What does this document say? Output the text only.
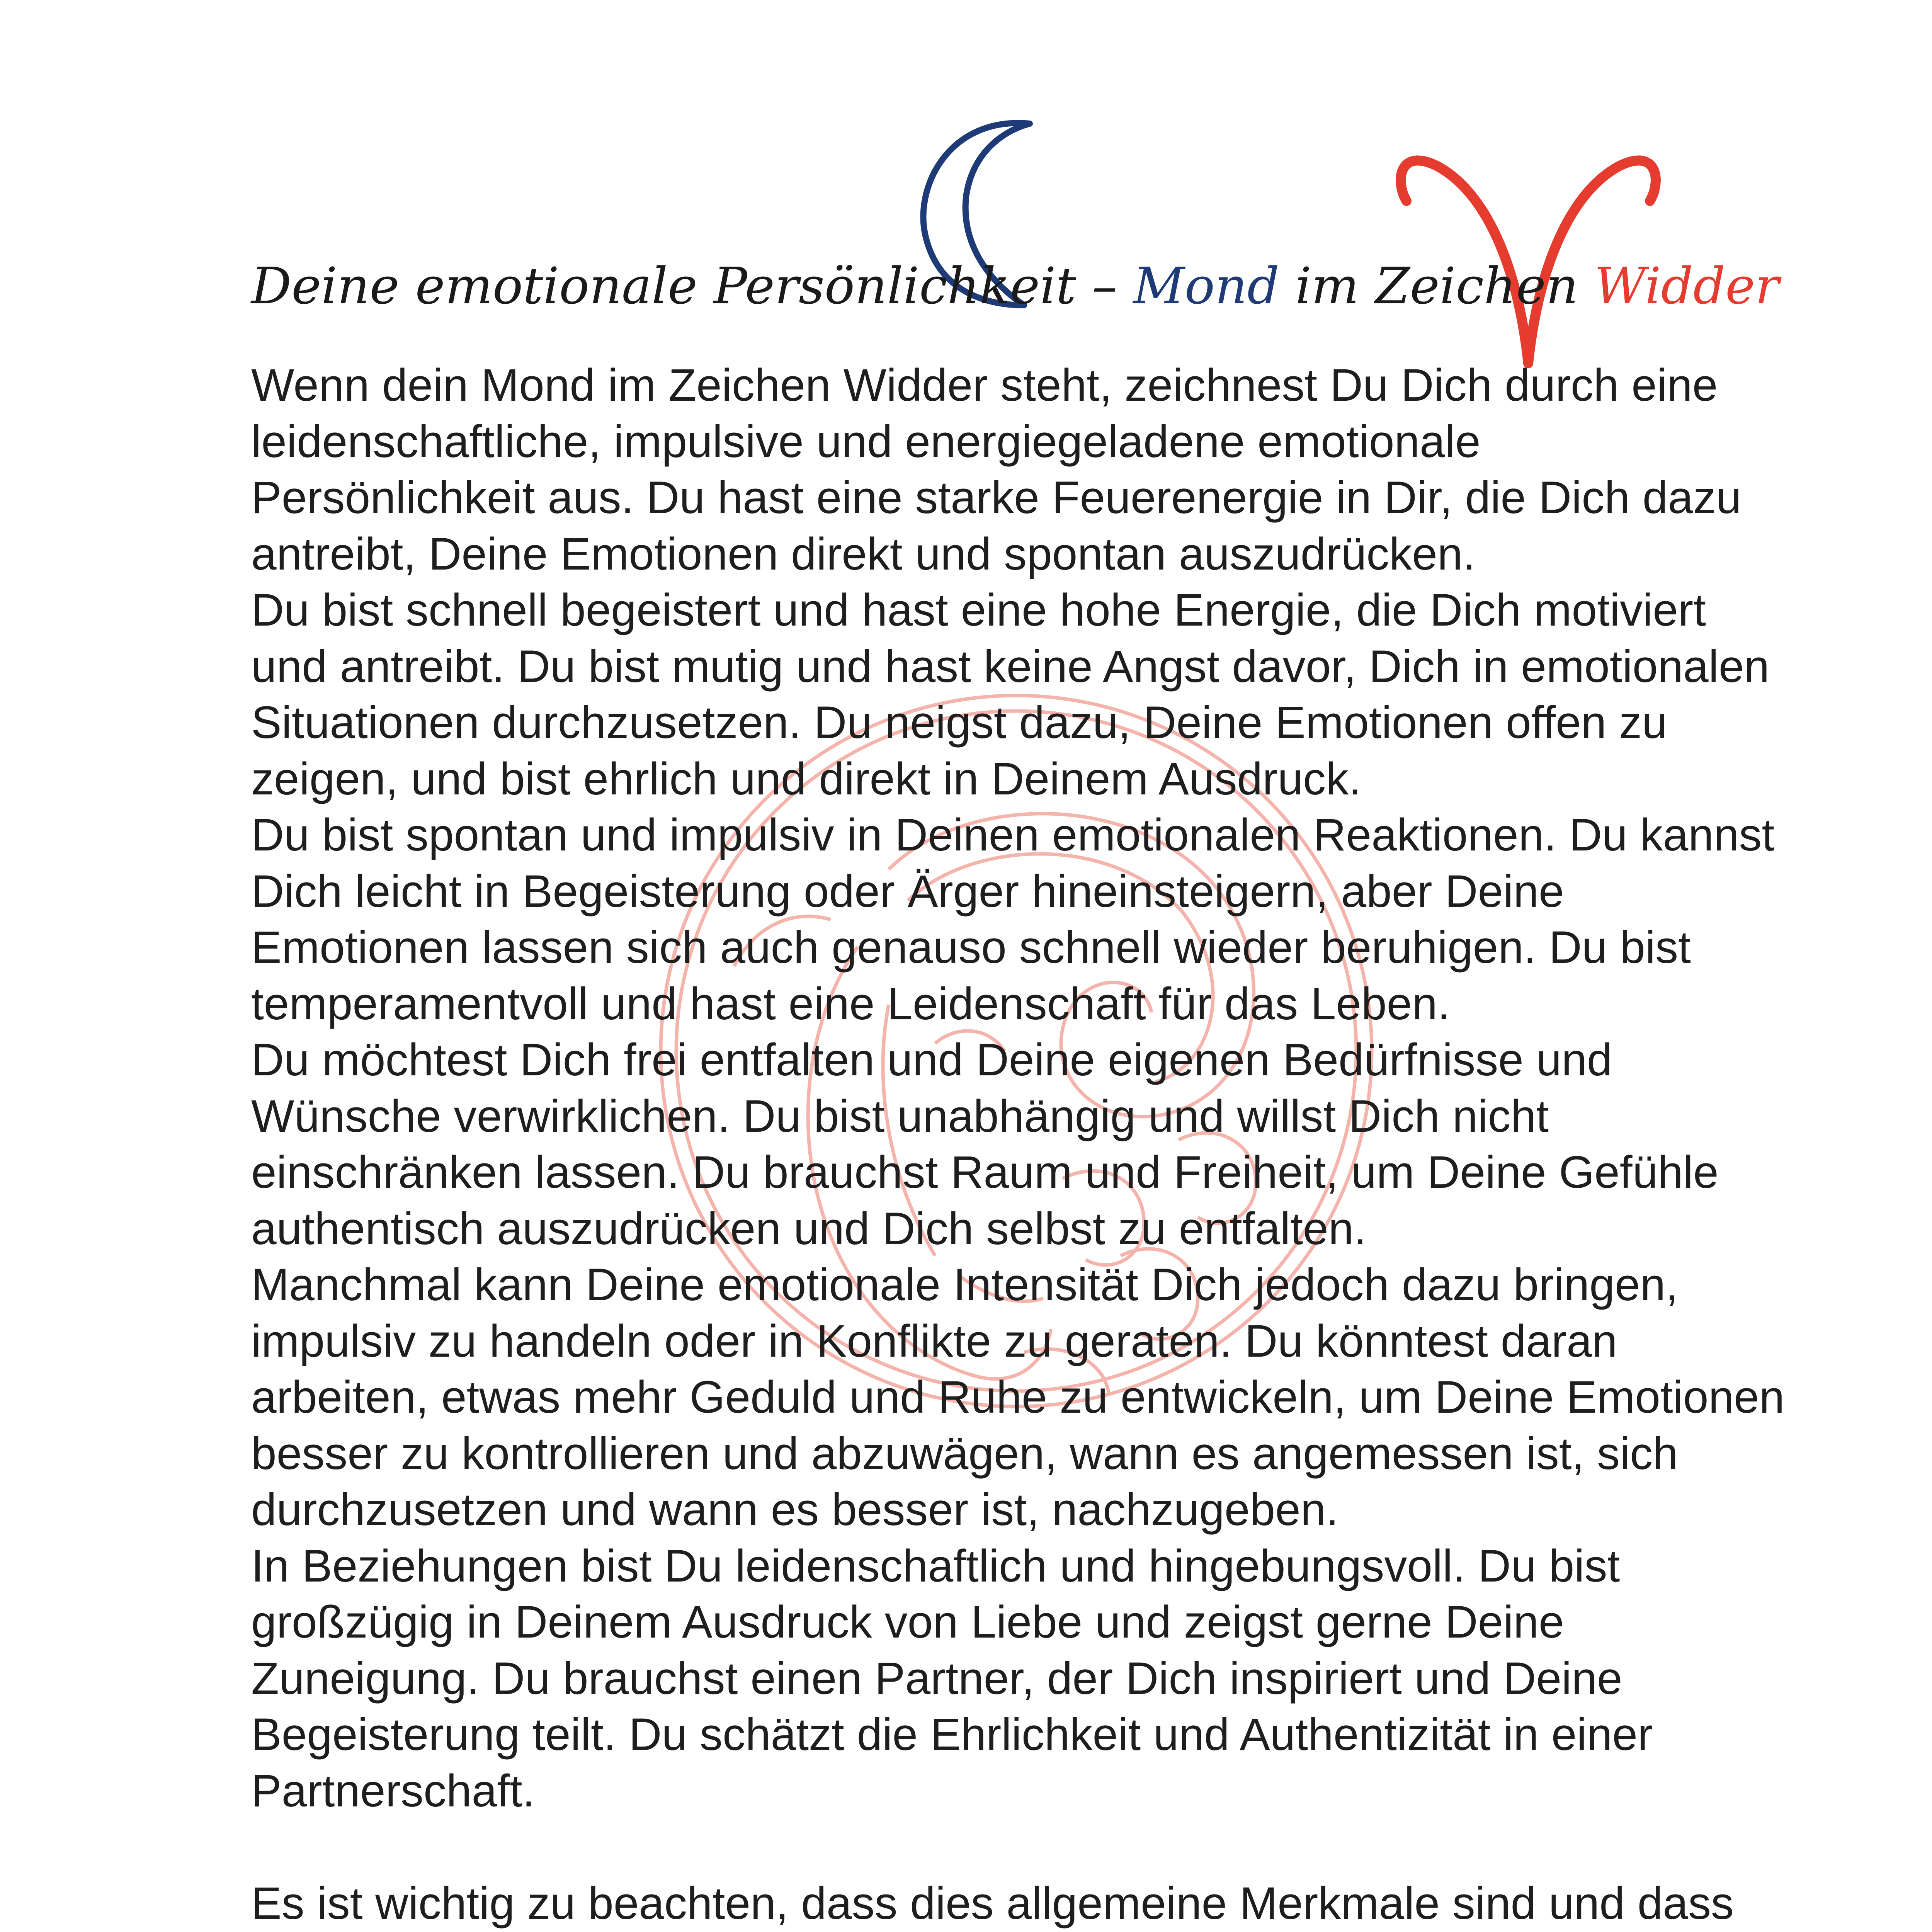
Deine emotionale Persönlichkeit – Mond im Zeichen Widder

Wenn dein Mond im Zeichen Widder steht, zeichnest Du Dich durch eine

leidenschaftliche, impulsive und energiegeladene emotionale

Persönlichkeit aus. Du hast eine starke Feuerenergie in Dir, die Dich dazu

antreibt, Deine Emotionen direkt und spontan auszudrücken.

Du bist schnell begeistert und hast eine hohe Energie, die Dich motiviert

und antreibt. Du bist mutig und hast keine Angst davor, Dich in emotionalen

Situationen durchzusetzen. Du neigst dazu, Deine Emotionen offen zu

zeigen, und bist ehrlich und direkt in Deinem Ausdruck.

Du bist spontan und impulsiv in Deinen emotionalen Reaktionen. Du kannst

Dich leicht in Begeisterung oder Ärger hineinsteigern, aber Deine

Emotionen lassen sich auch genauso schnell wieder beruhigen. Du bist

temperamentvoll und hast eine Leidenschaft für das Leben.

Du möchtest Dich frei entfalten und Deine eigenen Bedürfnisse und

Wünsche verwirklichen. Du bist unabhängig und willst Dich nicht

einschränken lassen. Du brauchst Raum und Freiheit, um Deine Gefühle

authentisch auszudrücken und Dich selbst zu entfalten.

Manchmal kann Deine emotionale Intensität Dich jedoch dazu bringen,

impulsiv zu handeln oder in Konflikte zu geraten. Du könntest daran

arbeiten, etwas mehr Geduld und Ruhe zu entwickeln, um Deine Emotionen

besser zu kontrollieren und abzuwägen, wann es angemessen ist, sich

durchzusetzen und wann es besser ist, nachzugeben.

In Beziehungen bist Du leidenschaftlich und hingebungsvoll. Du bist

großzügig in Deinem Ausdruck von Liebe und zeigst gerne Deine

Zuneigung. Du brauchst einen Partner, der Dich inspiriert und Deine

Begeisterung teilt. Du schätzt die Ehrlichkeit und Authentizität in einer

Partnerschaft.

Es ist wichtig zu beachten, dass dies allgemeine Merkmale sind und dass
